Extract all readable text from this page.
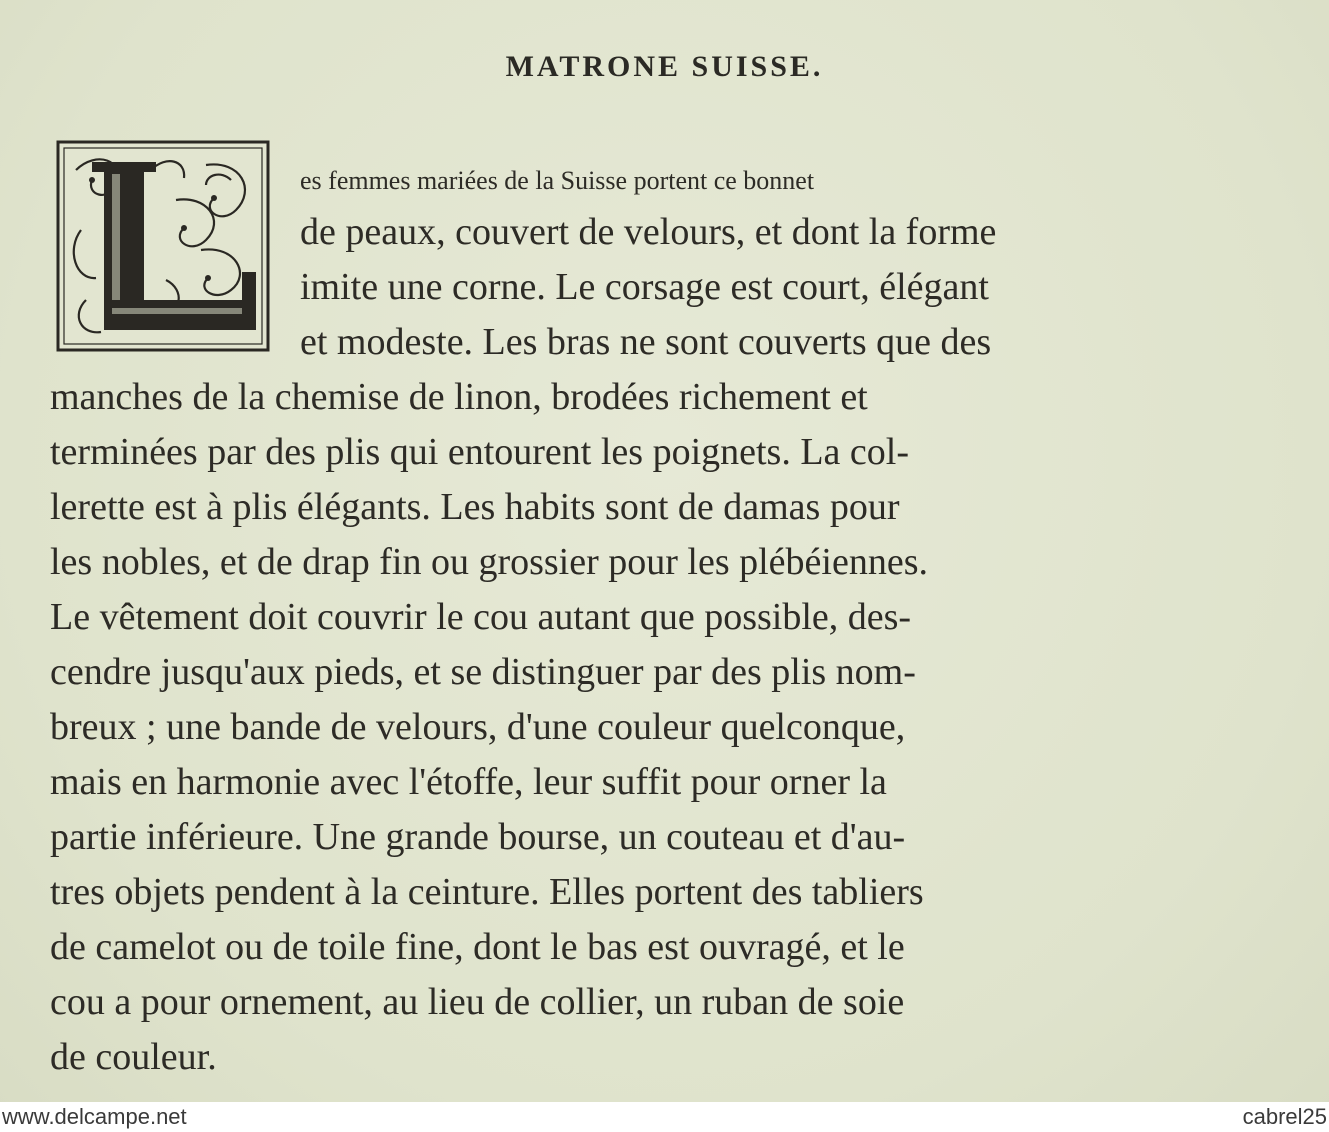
MATRONE SUISSE.
es femmes mariées de la Suisse portent ce bonnet
de peaux, couvert de velours, et dont la forme
imite une corne. Le corsage est court, élégant
et modeste. Les bras ne sont couverts que des
manches de la chemise de linon, brodées richement et
terminées par des plis qui entourent les poignets. La col-
lerette est à plis élégants. Les habits sont de damas pour
les nobles, et de drap fin ou grossier pour les plébéiennes.
Le vêtement doit couvrir le cou autant que possible, des-
cendre jusqu'aux pieds, et se distinguer par des plis nom-
breux ; une bande de velours, d'une couleur quelconque,
mais en harmonie avec l'étoffe, leur suffit pour orner la
partie inférieure. Une grande bourse, un couteau et d'au-
tres objets pendent à la ceinture. Elles portent des tabliers
de camelot ou de toile fine, dont le bas est ouvragé, et le
cou a pour ornement, au lieu de collier, un ruban de soie
de couleur.
www.delcampe.net	cabrel25
